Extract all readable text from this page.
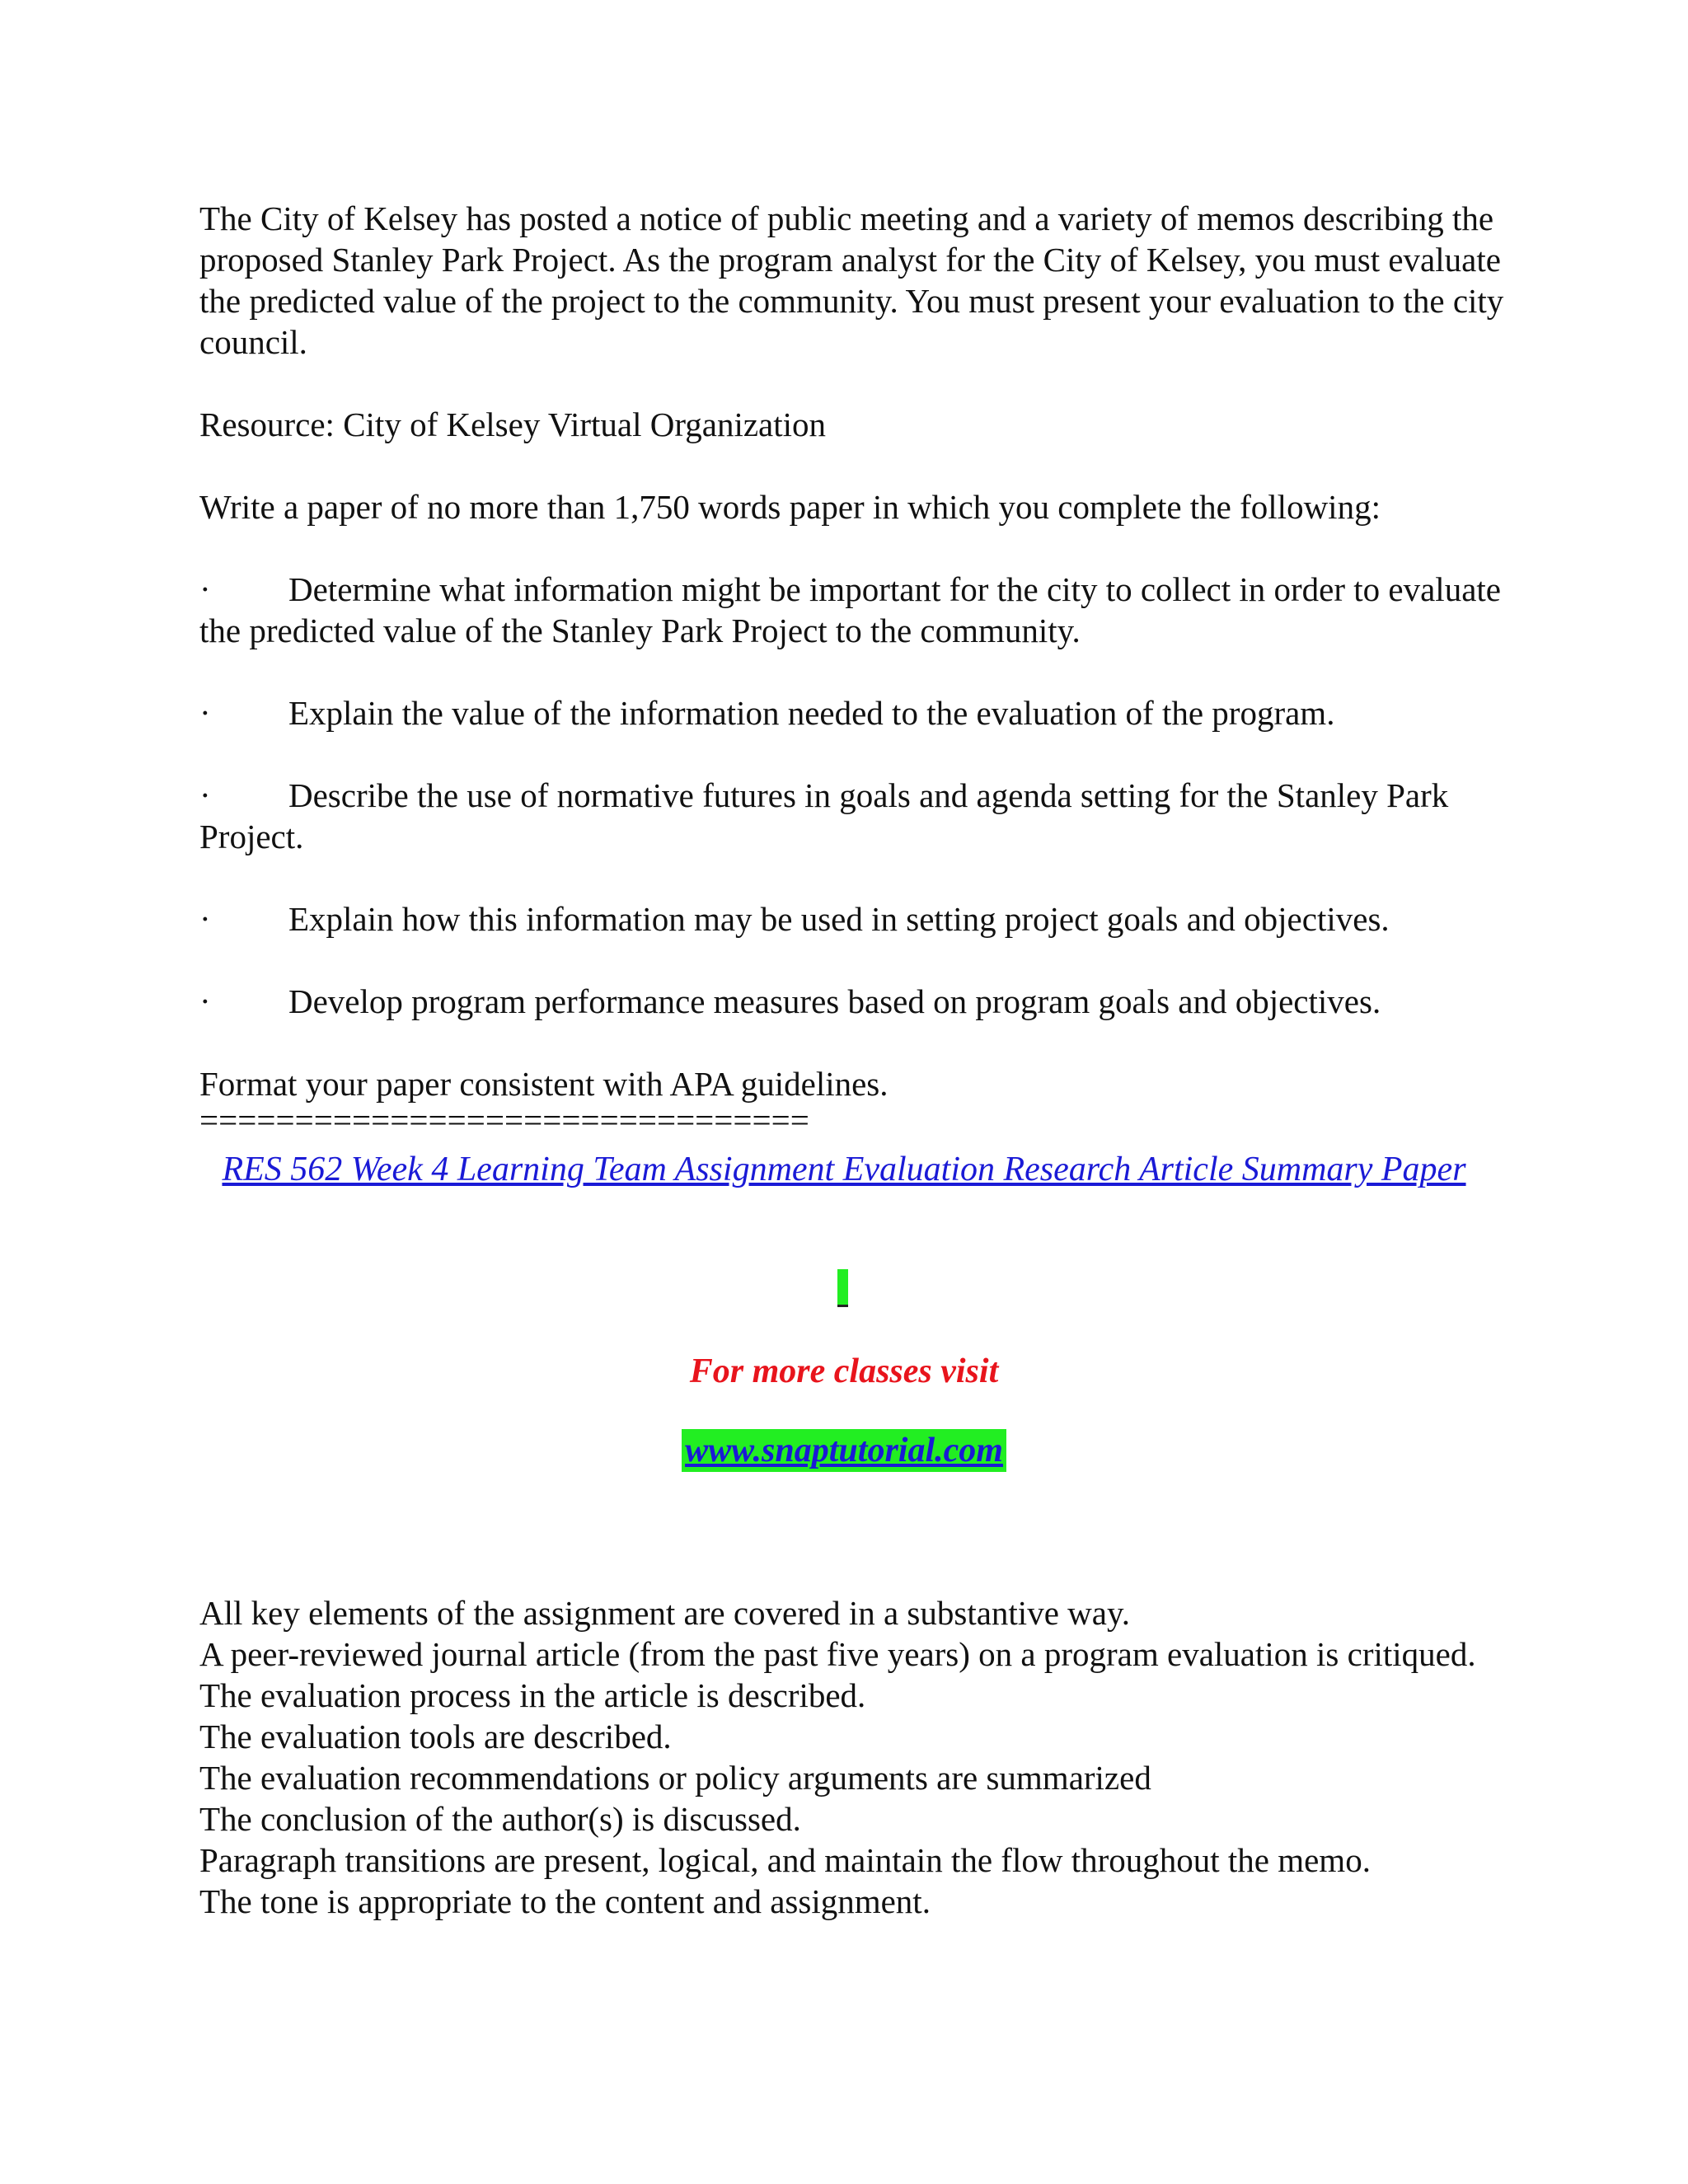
The City of Kelsey has posted a notice of public meeting and a variety of memos describing the proposed Stanley Park Project. As the program analyst for the City of Kelsey, you must evaluate the predicted value of the project to the community. You must present your evaluation to the city council.

Resource: City of Kelsey Virtual Organization

Write a paper of no more than 1,750 words paper in which you complete the following:

· Determine what information might be important for the city to collect in order to evaluate the predicted value of the Stanley Park Project to the community.

· Explain the value of the information needed to the evaluation of the program.

· Describe the use of normative futures in goals and agenda setting for the Stanley Park Project.

· Explain how this information may be used in setting project goals and objectives.

· Develop program performance measures based on program goals and objectives.

Format your paper consistent with APA guidelines.

================================
RES 562 Week 4 Learning Team Assignment Evaluation Research Article Summary Paper
For more classes visit
www.snaptutorial.com

All key elements of the assignment are covered in a substantive way.

A peer-reviewed journal article (from the past five years) on a program evaluation is critiqued.

The evaluation process in the article is described.

The evaluation tools are described.

The evaluation recommendations or policy arguments are summarized

The conclusion of the author(s) is discussed.

Paragraph transitions are present, logical, and maintain the flow throughout the memo.

The tone is appropriate to the content and assignment.
